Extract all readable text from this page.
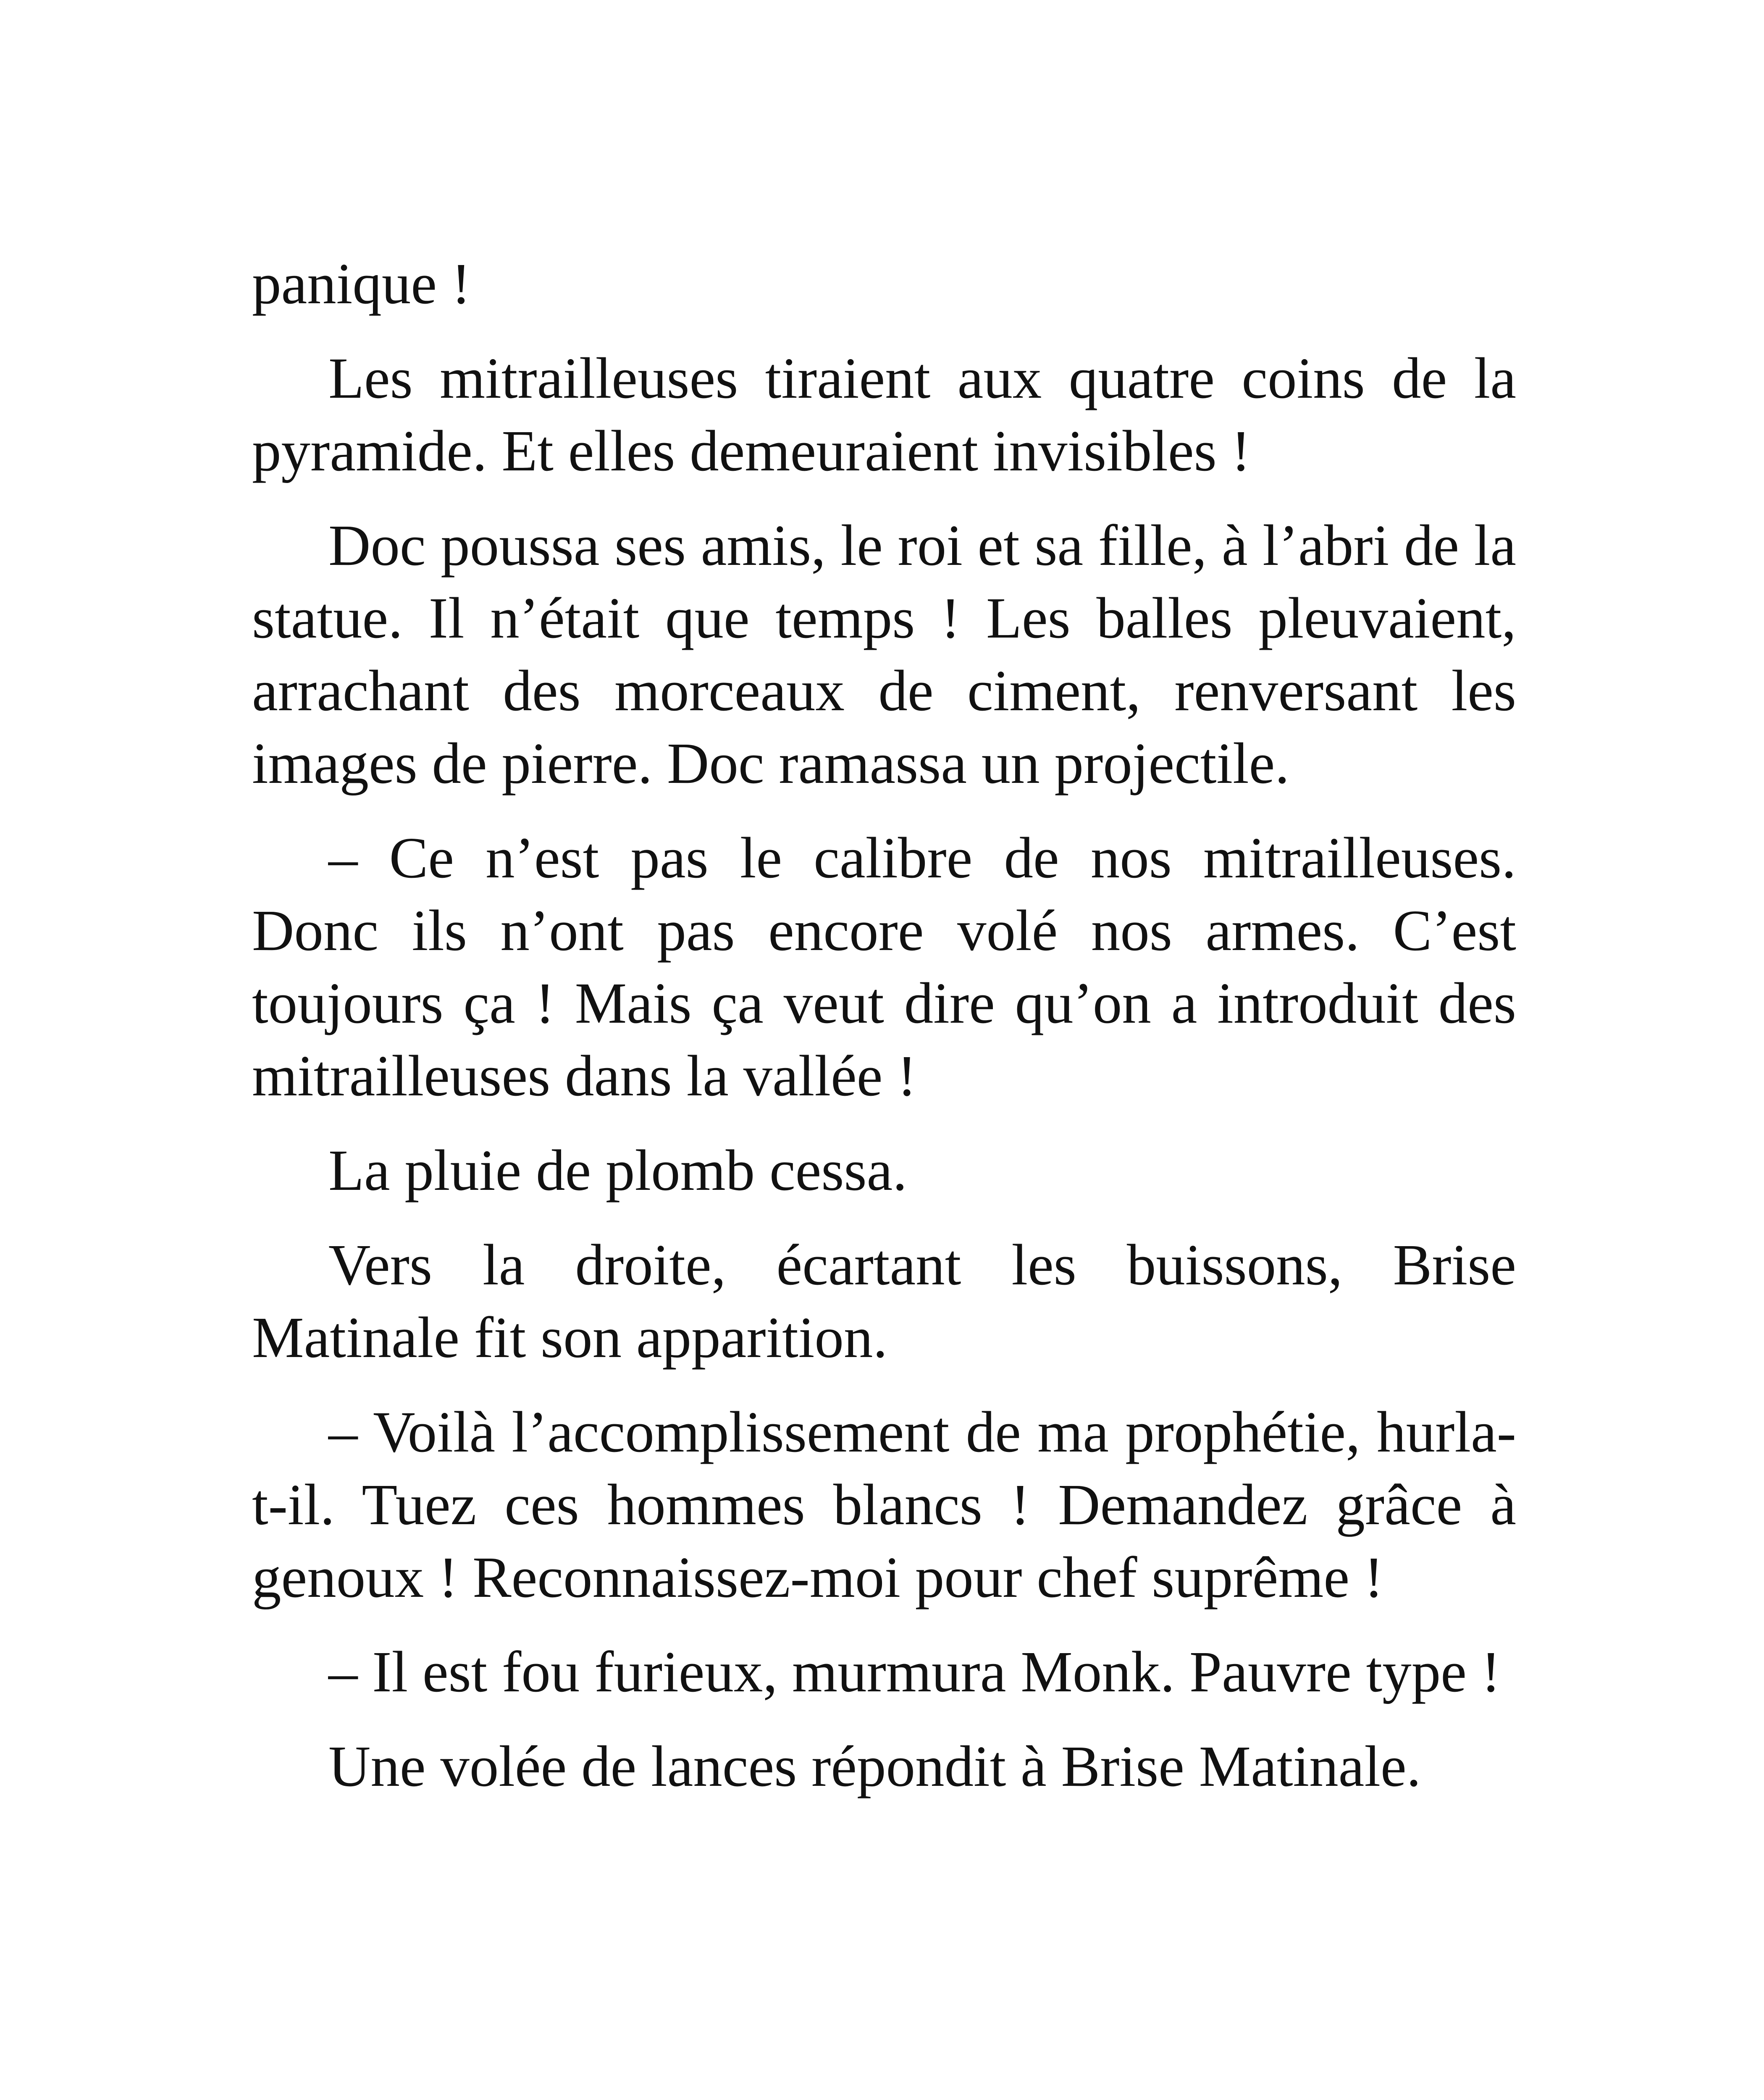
panique !

Les mitrailleuses tiraient aux quatre coins de la pyramide. Et elles demeuraient invisibles !

Doc poussa ses amis, le roi et sa fille, à l’abri de la statue. Il n’était que temps ! Les balles pleuvaient, arrachant des morceaux de ciment, renversant les images de pierre. Doc ramassa un projectile.

– Ce n’est pas le calibre de nos mitrailleuses. Donc ils n’ont pas encore volé nos armes. C’est toujours ça ! Mais ça veut dire qu’on a introduit des mitrailleuses dans la vallée !

La pluie de plomb cessa.

Vers la droite, écartant les buissons, Brise Matinale fit son apparition.

– Voilà l’accomplissement de ma prophétie, hurla-t-il. Tuez ces hommes blancs ! Demandez grâce à genoux ! Reconnaissez-moi pour chef suprême !

– Il est fou furieux, murmura Monk. Pauvre type !

Une volée de lances répondit à Brise Matinale.
